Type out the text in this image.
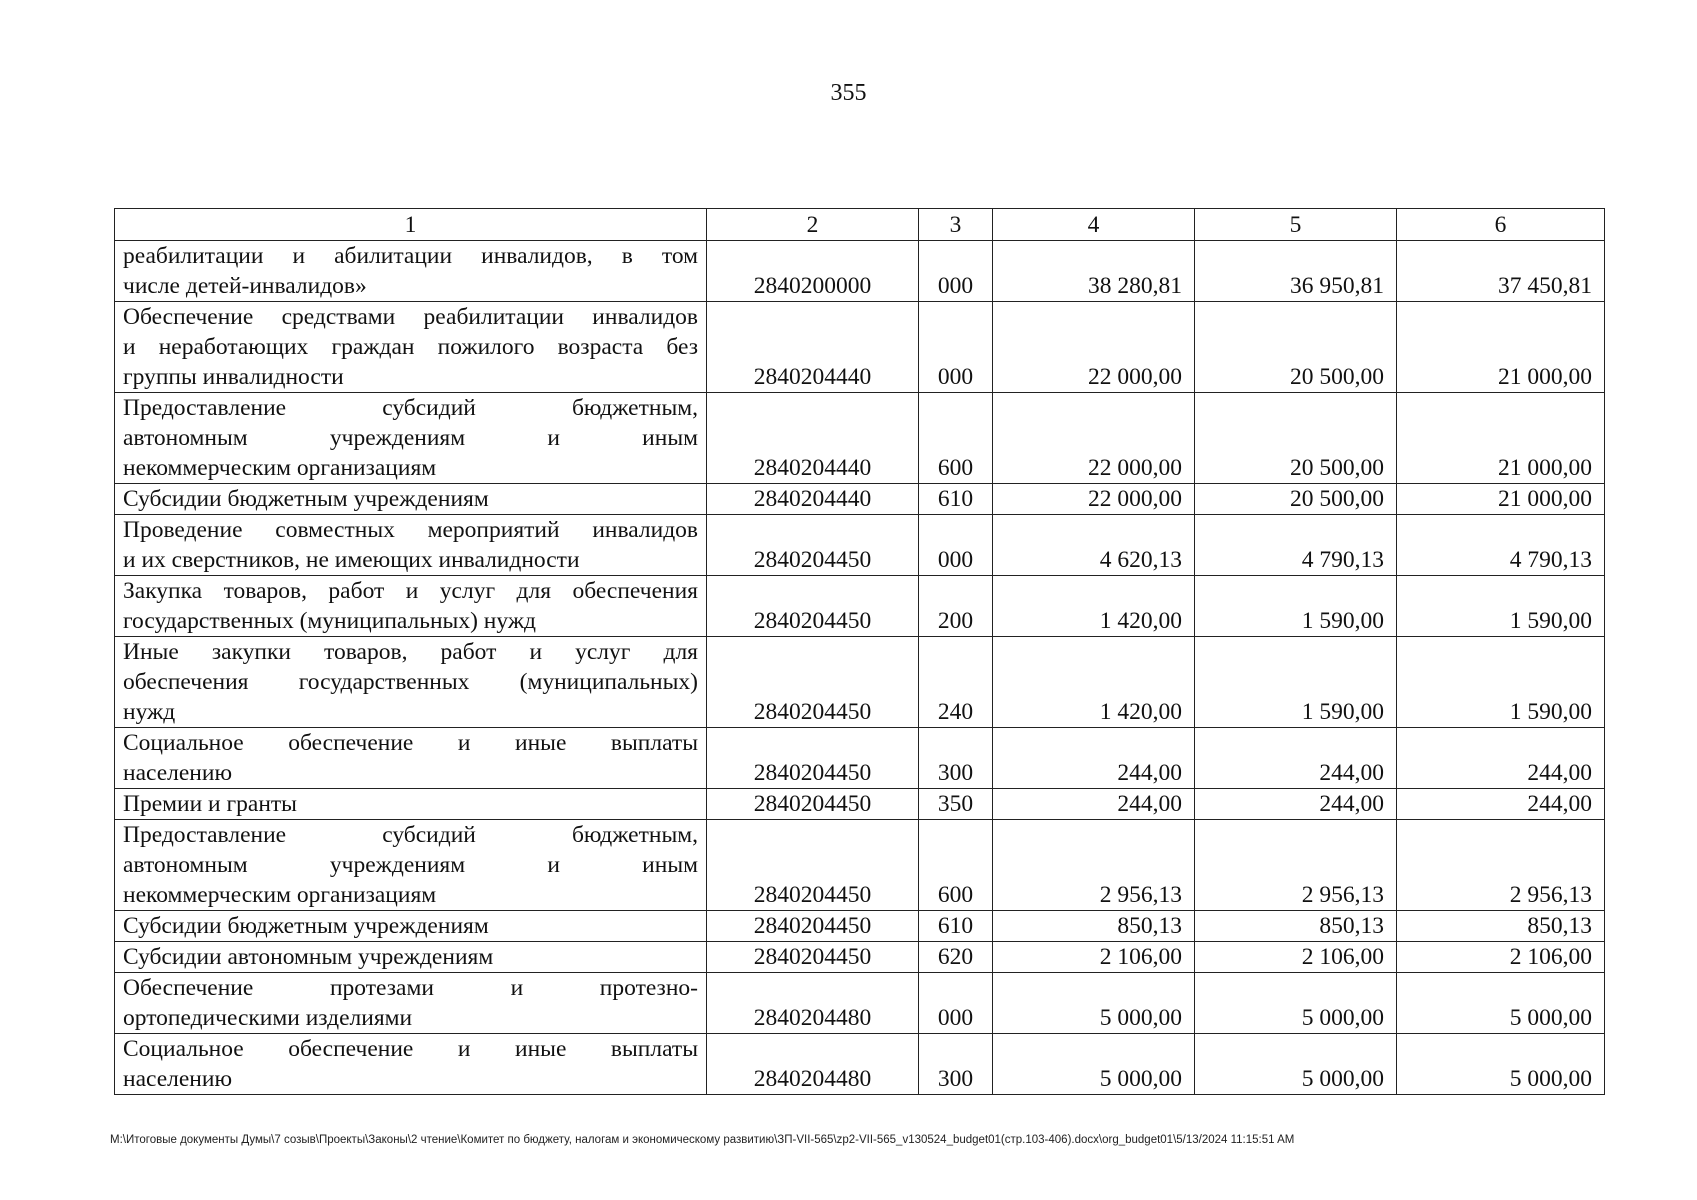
355
1	2	3	4	5	6

реабилитации и абилитации инвалидов, в том
числе детей-инвалидов»	2840200000	000	38 280,81	36 950,81	37 450,81

Обеспечение средствами реабилитации инвалидов
и неработающих граждан пожилого возраста без
группы инвалидности	2840204440	000	22 000,00	20 500,00	21 000,00

Предоставление субсидий бюджетным,
автономным учреждениям и иным
некоммерческим организациям	2840204440	600	22 000,00	20 500,00	21 000,00

Субсидии бюджетным учреждениям	2840204440	610	22 000,00	20 500,00	21 000,00

Проведение совместных мероприятий инвалидов
и их сверстников, не имеющих инвалидности	2840204450	000	4 620,13	4 790,13	4 790,13

Закупка товаров, работ и услуг для обеспечения
государственных (муниципальных) нужд	2840204450	200	1 420,00	1 590,00	1 590,00

Иные закупки товаров, работ и услуг для
обеспечения государственных (муниципальных)
нужд	2840204450	240	1 420,00	1 590,00	1 590,00

Социальное обеспечение и иные выплаты
населению	2840204450	300	244,00	244,00	244,00

Премии и гранты	2840204450	350	244,00	244,00	244,00

Предоставление субсидий бюджетным,
автономным учреждениям и иным
некоммерческим организациям	2840204450	600	2 956,13	2 956,13	2 956,13

Субсидии бюджетным учреждениям	2840204450	610	850,13	850,13	850,13

Субсидии автономным учреждениям	2840204450	620	2 106,00	2 106,00	2 106,00

Обеспечение протезами и протезно-
ортопедическими изделиями	2840204480	000	5 000,00	5 000,00	5 000,00

Социальное обеспечение и иные выплаты
населению	2840204480	300	5 000,00	5 000,00	5 000,00
M:\Итоговые документы Думы\7 созыв\Проекты\Законы\2 чтение\Комитет по бюджету, налогам и экономическому развитию\ЗП-VII-565\zp2-VII-565_v130524_budget01(стр.103-406).docx\org_budget01\5/13/2024 11:15:51 AM
